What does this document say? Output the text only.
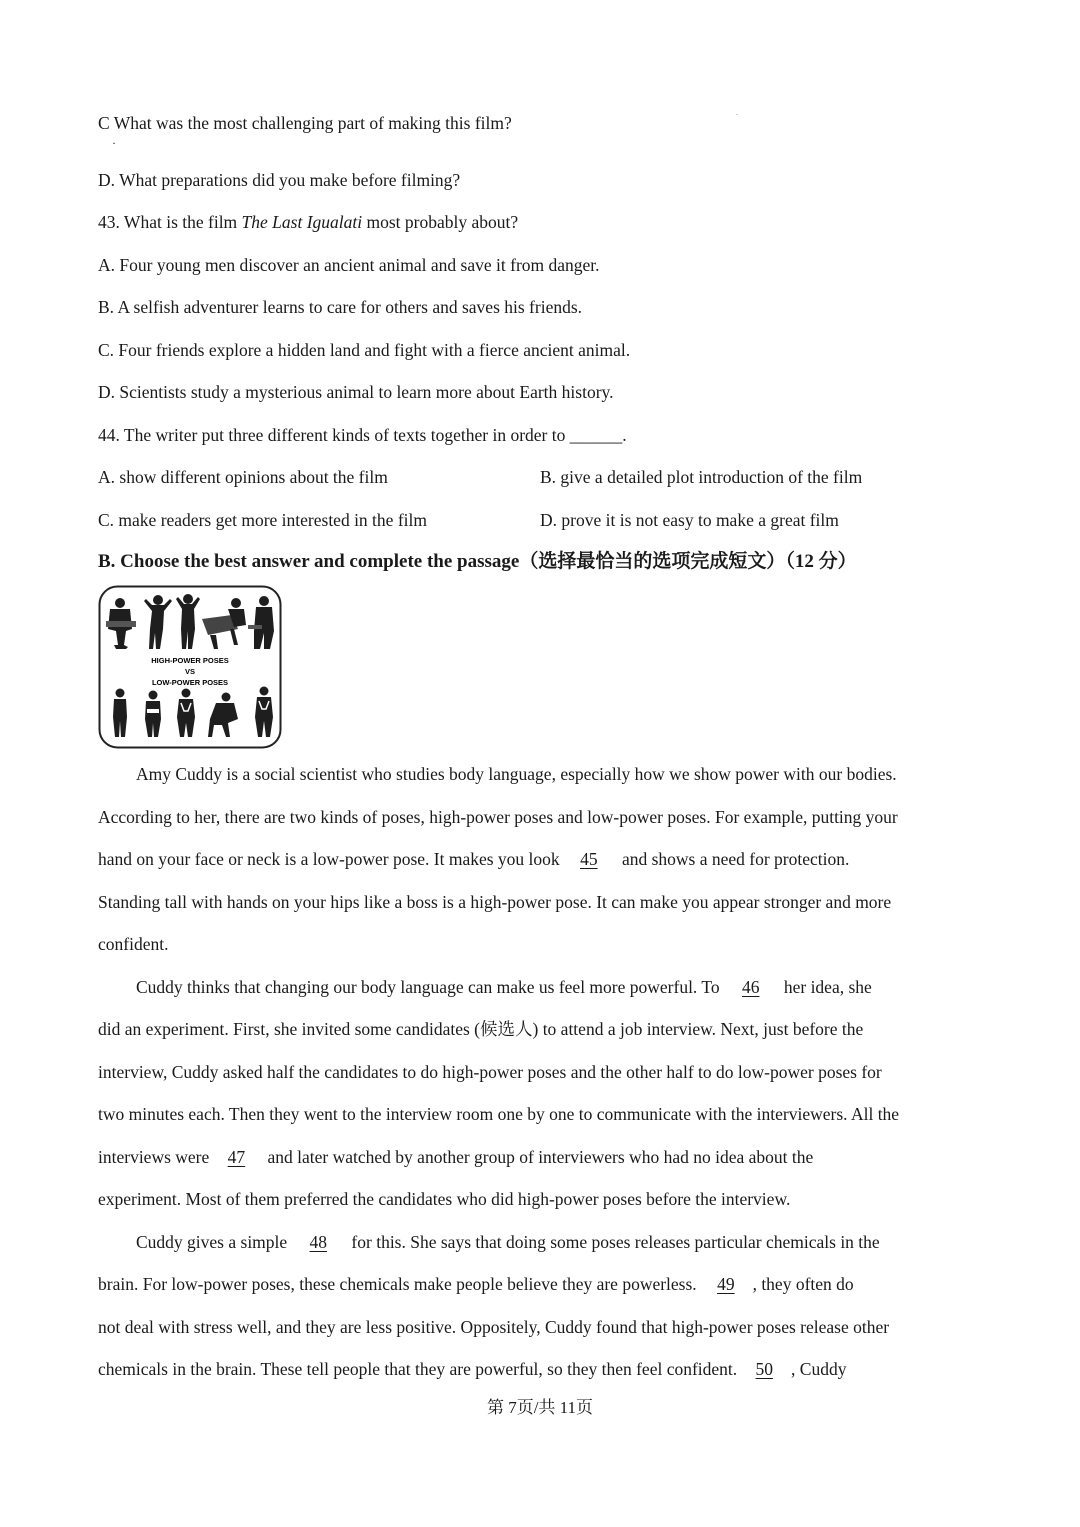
C What was the most challenging part of making this film?
·
.
D. What preparations did you make before filming?
43. What is the film The Last Igualati most probably about?
A. Four young men discover an ancient animal and save it from danger.
B. A selfish adventurer learns to care for others and saves his friends.
C. Four friends explore a hidden land and fight with a fierce ancient animal.
D. Scientists study a mysterious animal to learn more about Earth history.
44. The writer put three different kinds of texts together in order to ______.
A. show different opinions about the film	B. give a detailed plot introduction of the film
C. make readers get more interested in the film	D. prove it is not easy to make a great film
B. Choose the best answer and complete the passage（选择最恰当的选项完成短文）（12 分）
HIGH-POWER POSES
VS
LOW-POWER POSES
Amy Cuddy is a social scientist who studies body language, especially how we show power with our bodies.
According to her, there are two kinds of poses, high-power poses and low-power poses. For example, putting your
hand on your face or neck is a low-power pose. It makes you look 45 and shows a need for protection.
Standing tall with hands on your hips like a boss is a high-power pose. It can make you appear stronger and more
confident.
Cuddy thinks that changing our body language can make us feel more powerful. To 46 her idea, she
did an experiment. First, she invited some candidates (候选人) to attend a job interview. Next, just before the
interview, Cuddy asked half the candidates to do high-power poses and the other half to do low-power poses for
two minutes each. Then they went to the interview room one by one to communicate with the interviewers. All the
interviews were 47 and later watched by another group of interviewers who had no idea about the
experiment. Most of them preferred the candidates who did high-power poses before the interview.
Cuddy gives a simple 48 for this. She says that doing some poses releases particular chemicals in the
brain. For low-power poses, these chemicals make people believe they are powerless. 49 , they often do
not deal with stress well, and they are less positive. Oppositely, Cuddy found that high-power poses release other
chemicals in the brain. These tell people that they are powerful, so they then feel confident. 50 , Cuddy
第 7页/共 11页
